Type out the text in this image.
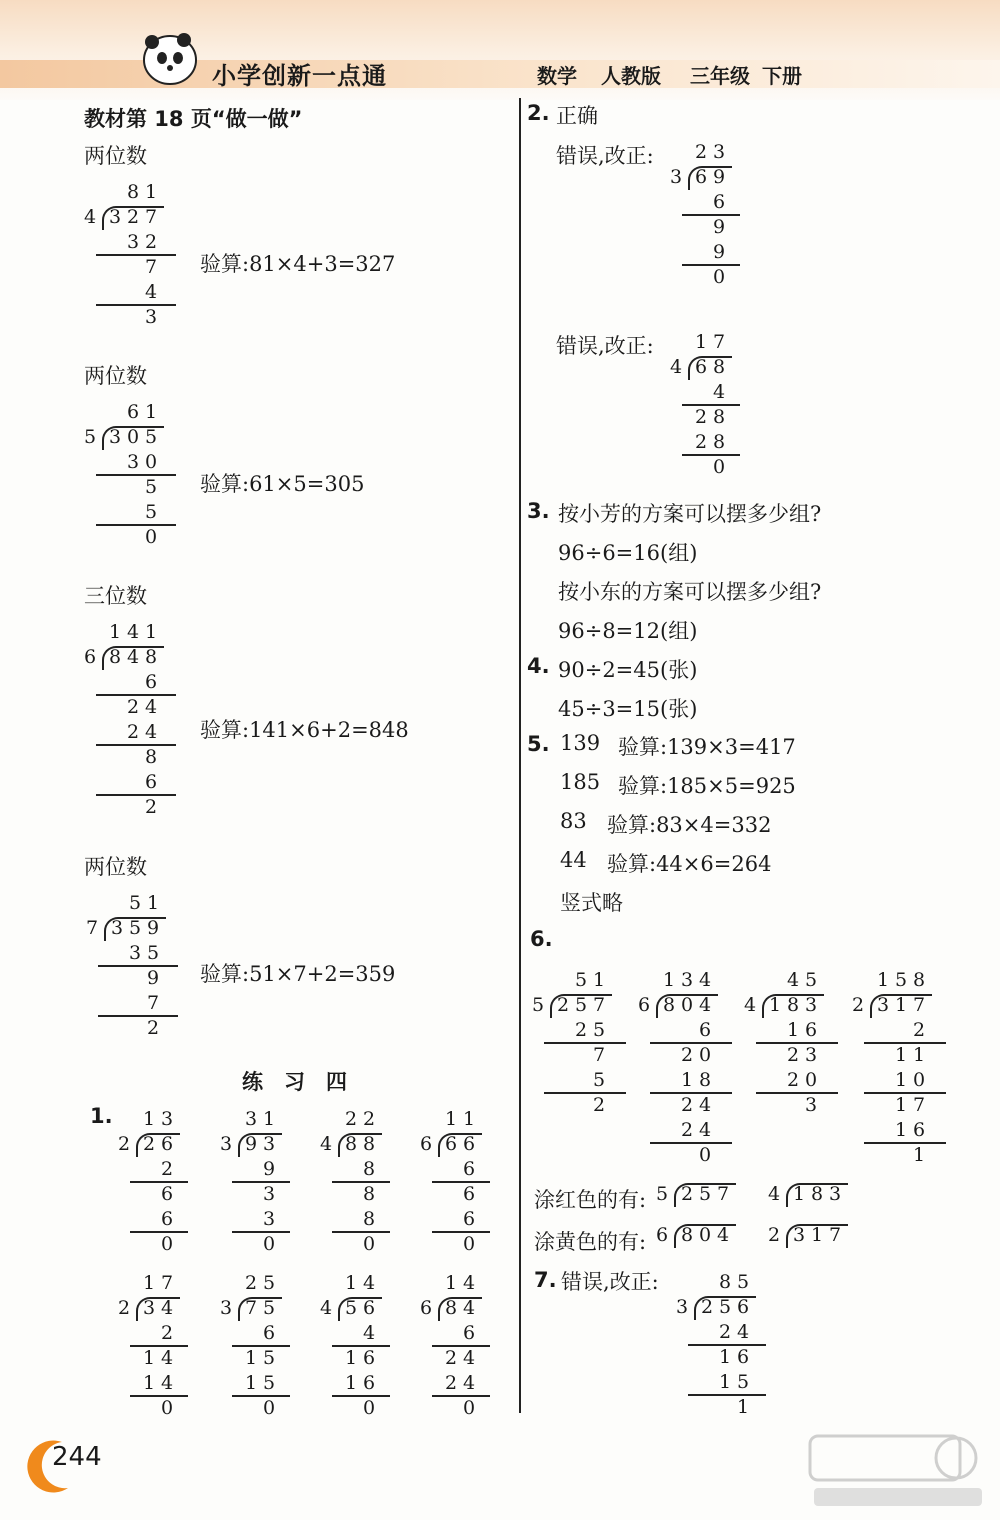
小学创新一点通	数学 人教版 三年级 下册
教材第 18 页“做一做”
两位数
8 1
4 3 2 7
3 2
7
4
3
验算:81×4+3=327
两位数
6 1
5 3 0 5
3 0
5
5
0
验算:61×5=305
三位数
1 4 1
6 8 4 8
6
2 4
2 4
8
6
2
验算:141×6+2=848
两位数
5 1
7 3 5 9
3 5
9
7
2
验算:51×7+2=359
练　习　四
1. 1 3
2 2 6
2
6
6
0
3 1
3 9 3
9
3
3
0
2 2
4 8 8
8
8
8
0
1 1
6 6 6
6
6
6
0
1 7
2 3 4
2
1 4
1 4
0
2 5
3 7 5
6
1 5
1 5
0
1 4
4 5 6
4
1 6
1 6
0
1 4
6 8 4
6
2 4
2 4
0
2. 正确
错误,改正: 2 3
3 6 9
6
9
9
0
错误,改正: 1 7
4 6 8
4
2 8
2 8
0
3. 按小芳的方案可以摆多少组?
96÷6=16(组)
按小东的方案可以摆多少组?
96÷8=12(组)
4. 90÷2=45(张)
45÷3=15(张)
5. 139 验算:139×3=417
185 验算:185×5=925
83 验算:83×4=332
44 验算:44×6=264
竖式略
6.
5 1
5 2 5 7
2 5
7
5
2
1 3 4
6 8 0 4
6
2 0
1 8
2 4
2 4
0
4 5
4 1 8 3
1 6
2 3
2 0
3
1 5 8
2 3 1 7
2
1 1
1 0
1 7
1 6
1
涂红色的有: 5 2 5 7 4 1 8 3
涂黄色的有: 6 8 0 4 2 3 1 7
7. 错误,改正:	8 5
3 2 5 6
2 4
1 6
1 5
1
244
